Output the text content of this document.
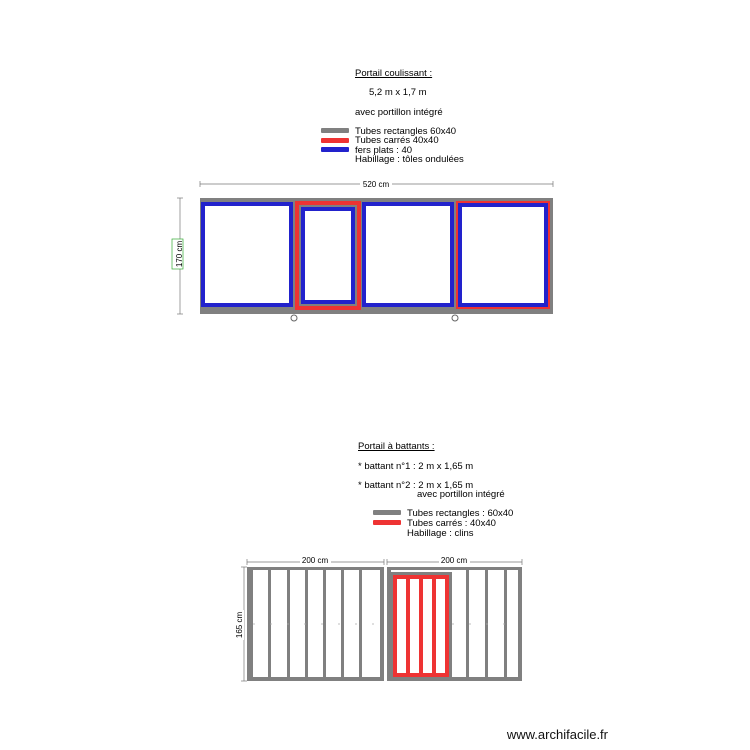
Portail coulissant :
5,2 m x 1,7 m
avec portillon intégré
Tubes rectangles 60x40
Tubes carrés 40x40
fers plats : 40
Habillage : tôles ondulées
520 cm
170 cm
Portail à battants :
* battant n°1 : 2 m x 1,65 m
* battant n°2 : 2 m x 1,65 m
avec portillon intégré
Tubes rectangles : 60x40
Tubes carrés : 40x40
Habillage : clins
200 cm	200 cm
165 cm
www.archifacile.fr
